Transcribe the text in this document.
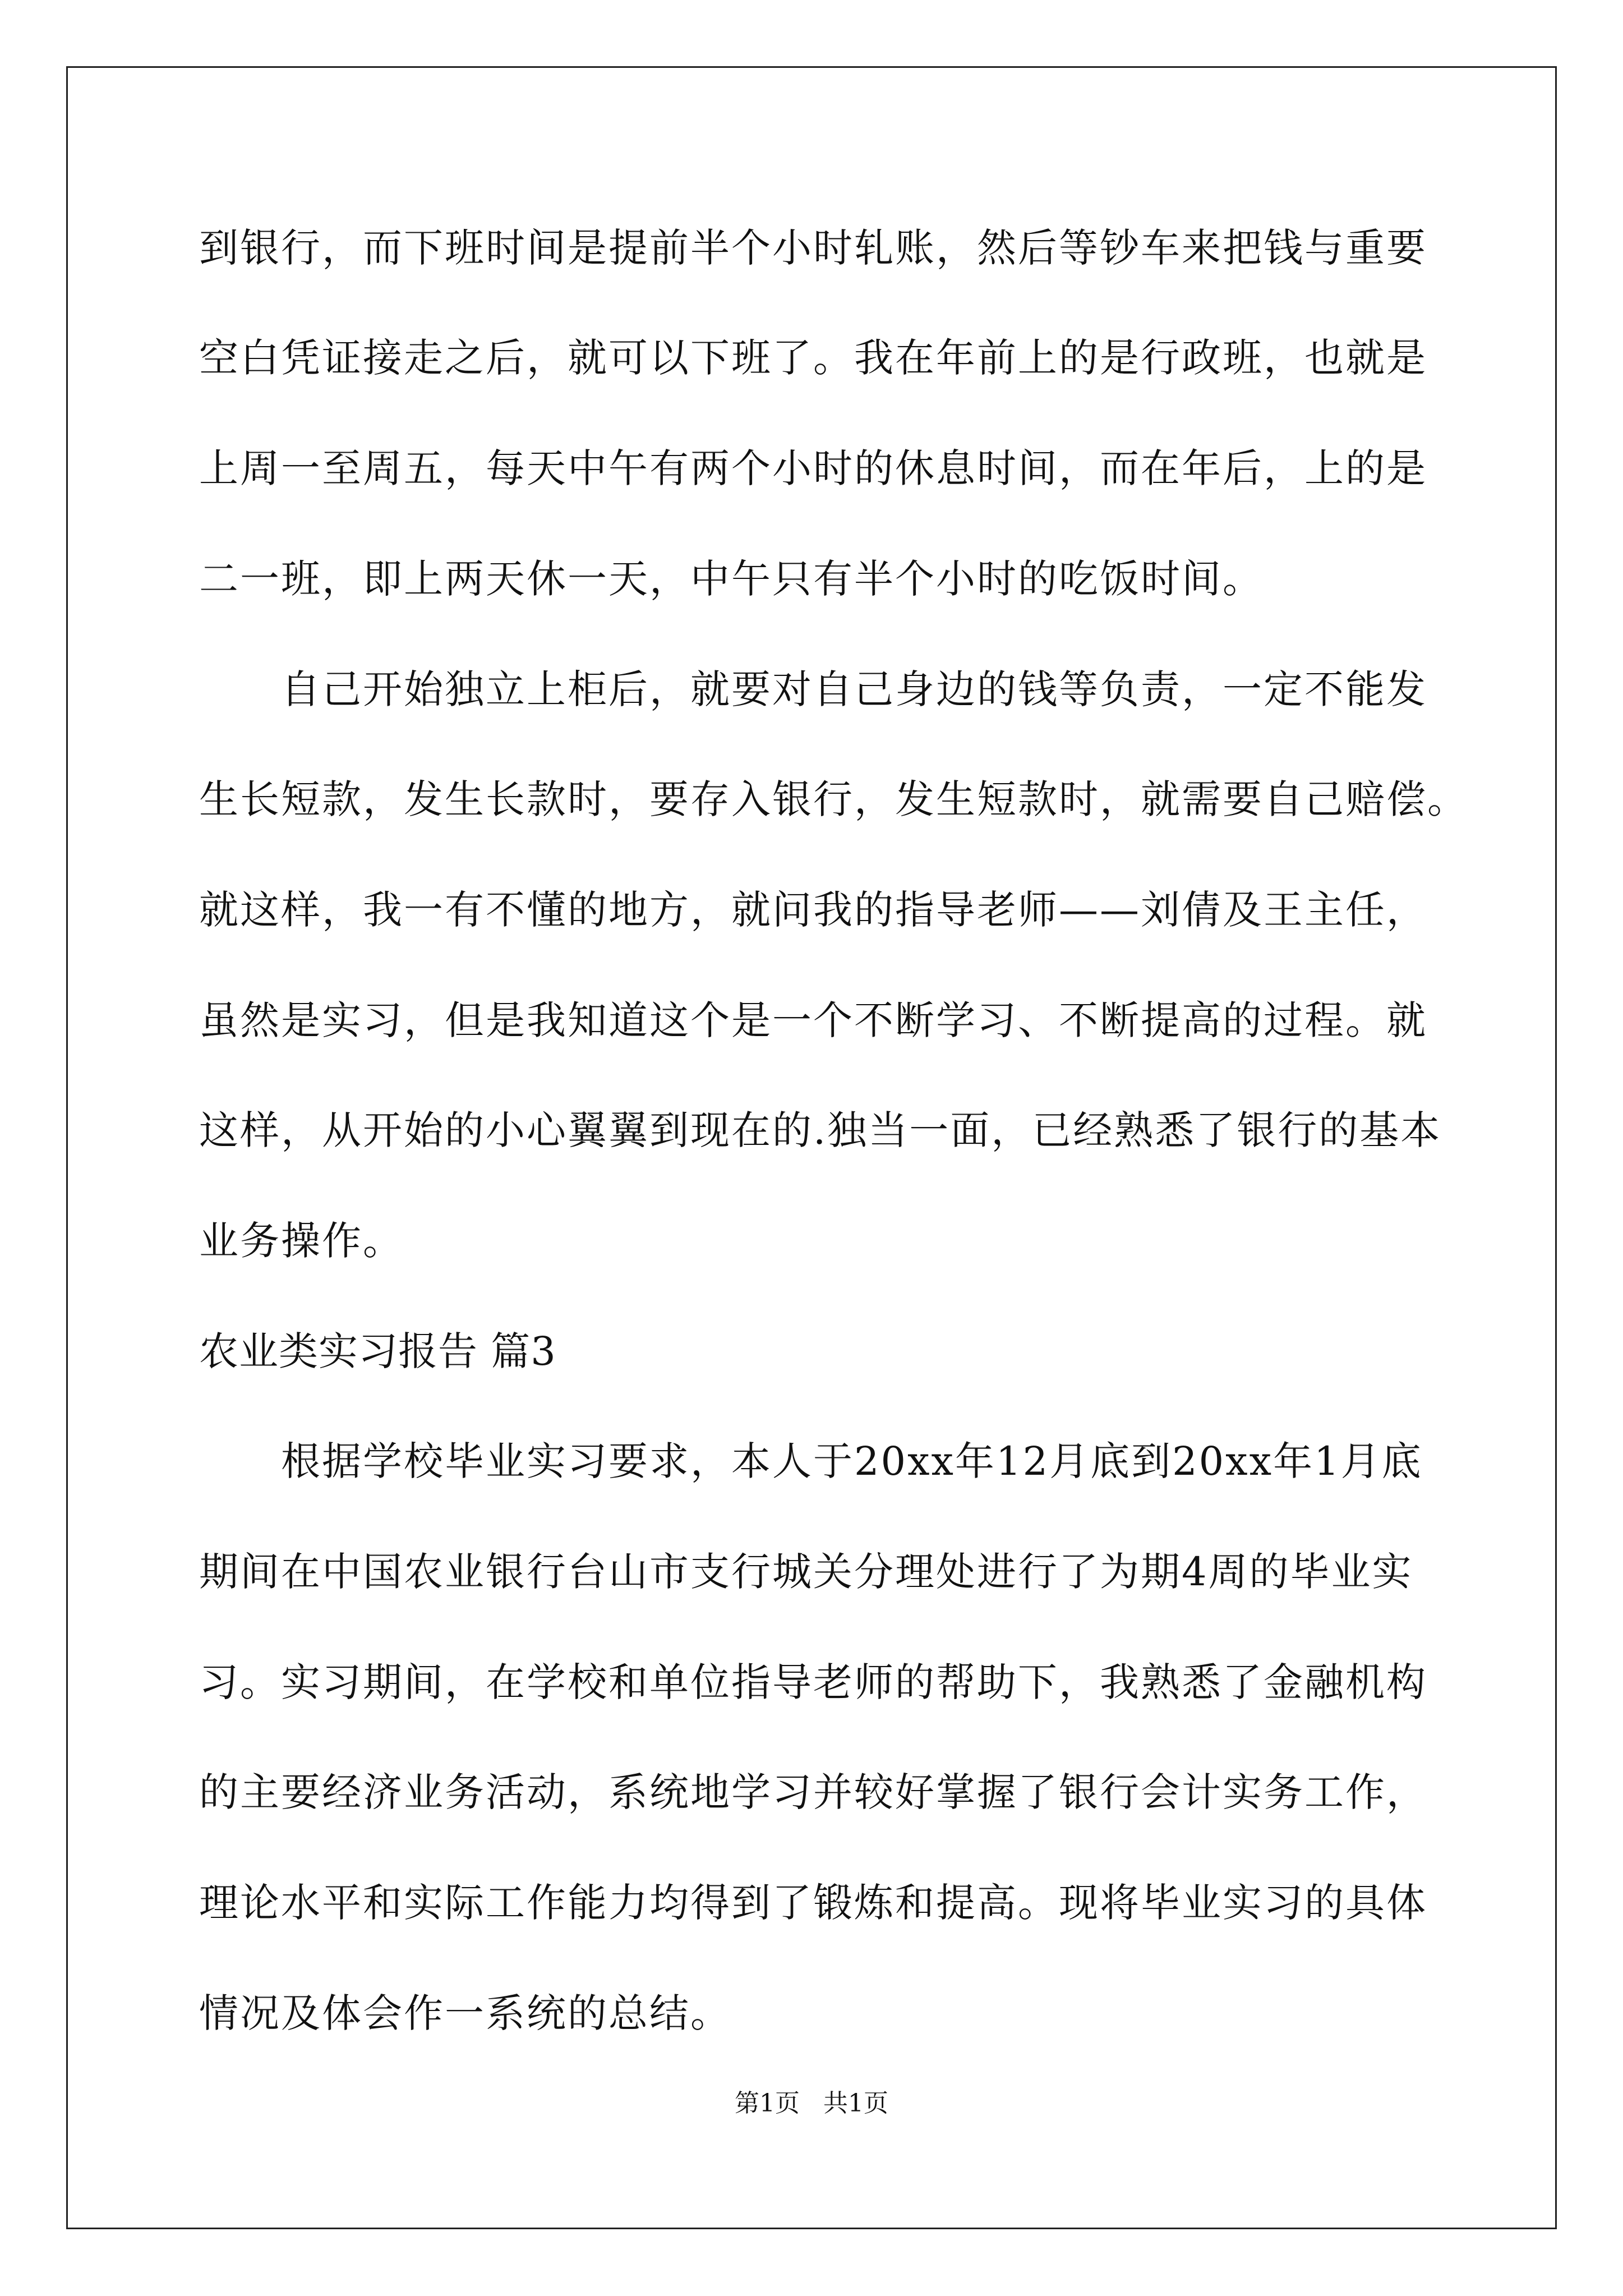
到银行，而下班时间是提前半个小时轧账，然后等钞车来把钱与重要
空白凭证接走之后，就可以下班了。我在年前上的是行政班，也就是
上周一至周五，每天中午有两个小时的休息时间，而在年后，上的是
二一班，即上两天休一天，中午只有半个小时的吃饭时间。
　　自己开始独立上柜后，就要对自己身边的钱等负责，一定不能发
生长短款，发生长款时，要存入银行，发生短款时，就需要自己赔偿。
就这样，我一有不懂的地方，就问我的指导老师——刘倩及王主任，
虽然是实习，但是我知道这个是一个不断学习、不断提高的过程。就
这样，从开始的小心翼翼到现在的.独当一面，已经熟悉了银行的基本
业务操作。
农业类实习报告 篇3
　　根据学校毕业实习要求，本人于20xx年12月底到20xx年1月底
期间在中国农业银行台山市支行城关分理处进行了为期4周的毕业实
习。实习期间，在学校和单位指导老师的帮助下，我熟悉了金融机构
的主要经济业务活动，系统地学习并较好掌握了银行会计实务工作，
理论水平和实际工作能力均得到了锻炼和提高。现将毕业实习的具体
情况及体会作一系统的总结。
第1页   共1页
